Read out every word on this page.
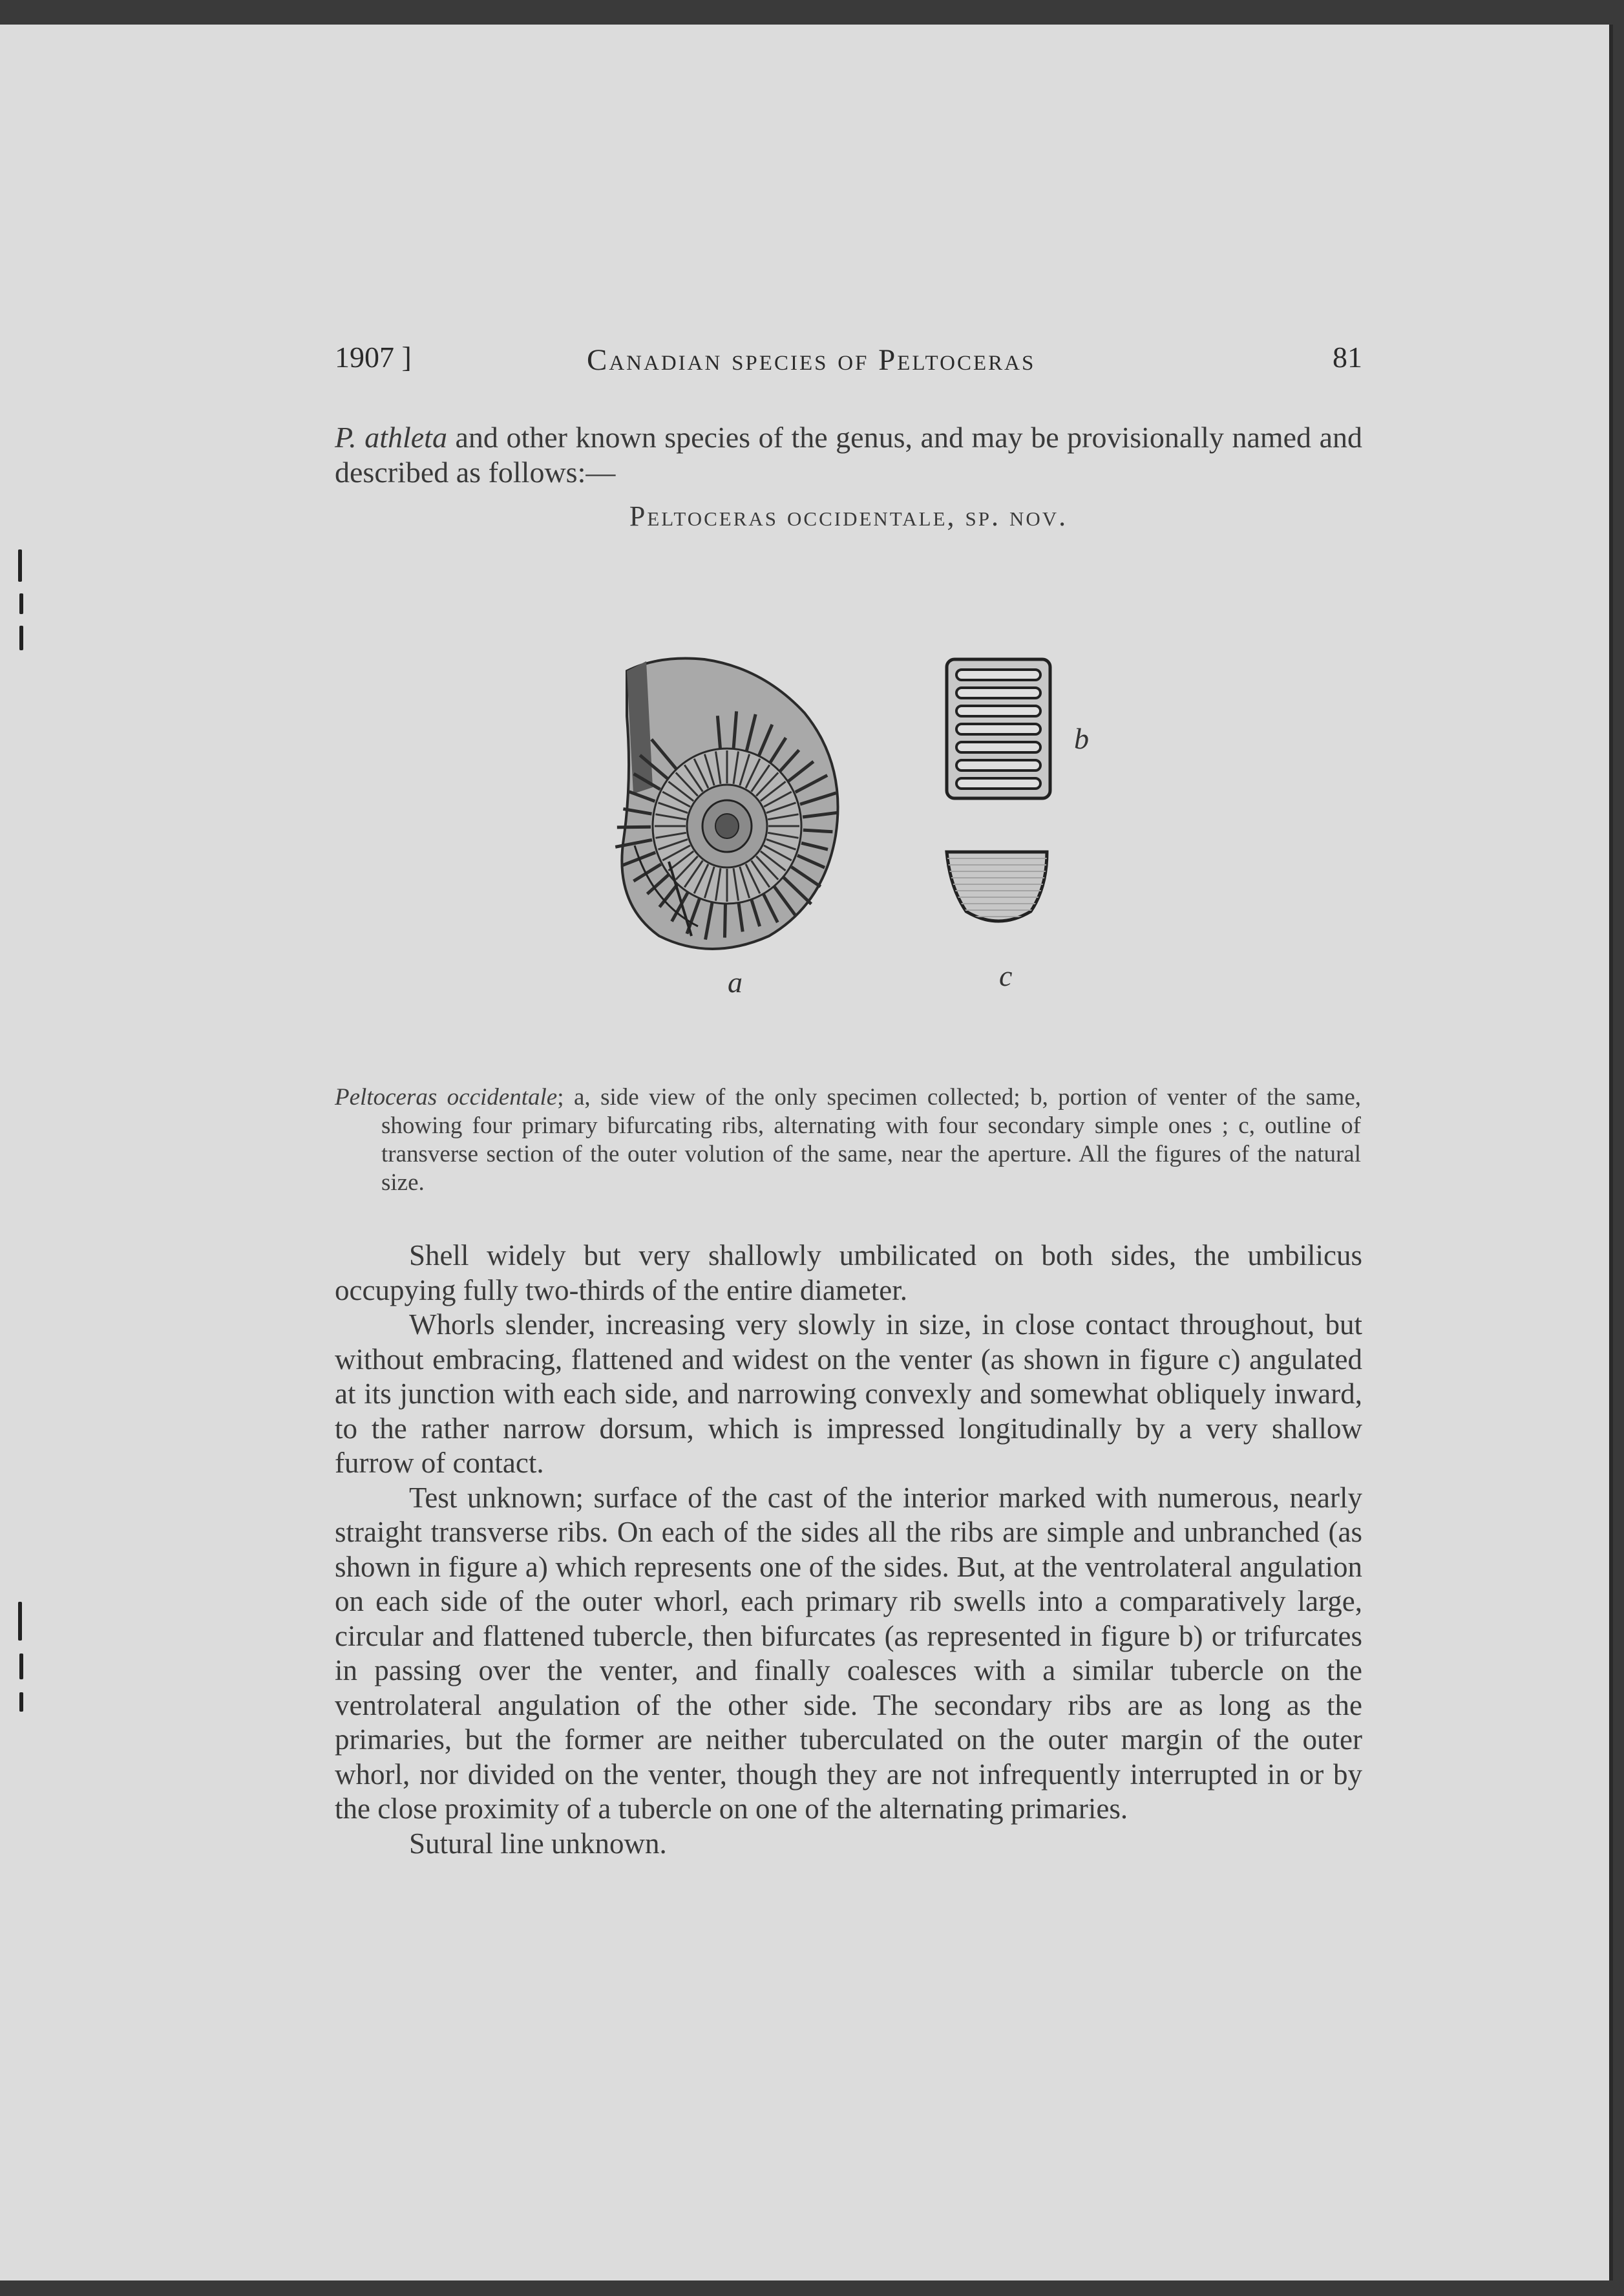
1907 ]	Canadian species of Peltoceras	81
P. athleta and other known species of the genus, and may be provisionally named and described as follows:—
Peltoceras occidentale, sp. nov.
a
b
c

Peltoceras occidentale; a, side view of the only specimen collected; b, portion of venter of the same, showing four primary bifurcating ribs, alternating with four secondary simple ones ; c, outline of transverse section of the outer volution of the same, near the aperture. All the figures of the natural size.

Shell widely but very shallowly umbilicated on both sides, the umbilicus occupying fully two-thirds of the entire diameter.

Whorls slender, increasing very slowly in size, in close contact throughout, but without embracing, flattened and widest on the venter (as shown in figure c) angulated at its junction with each side, and narrowing convexly and somewhat obliquely inward, to the rather narrow dorsum, which is impressed longitudinally by a very shallow furrow of contact.

Test unknown; surface of the cast of the interior marked with numerous, nearly straight transverse ribs. On each of the sides all the ribs are simple and unbranched (as shown in figure a) which represents one of the sides. But, at the ventrolateral angulation on each side of the outer whorl, each primary rib swells into a comparatively large, circular and flattened tubercle, then bifurcates (as represented in figure b) or trifurcates in passing over the venter, and finally coalesces with a similar tubercle on the ventrolateral angulation of the other side. The secondary ribs are as long as the primaries, but the former are neither tuberculated on the outer margin of the outer whorl, nor divided on the venter, though they are not infrequently interrupted in or by the close proximity of a tubercle on one of the alternating primaries.

Sutural line unknown.
